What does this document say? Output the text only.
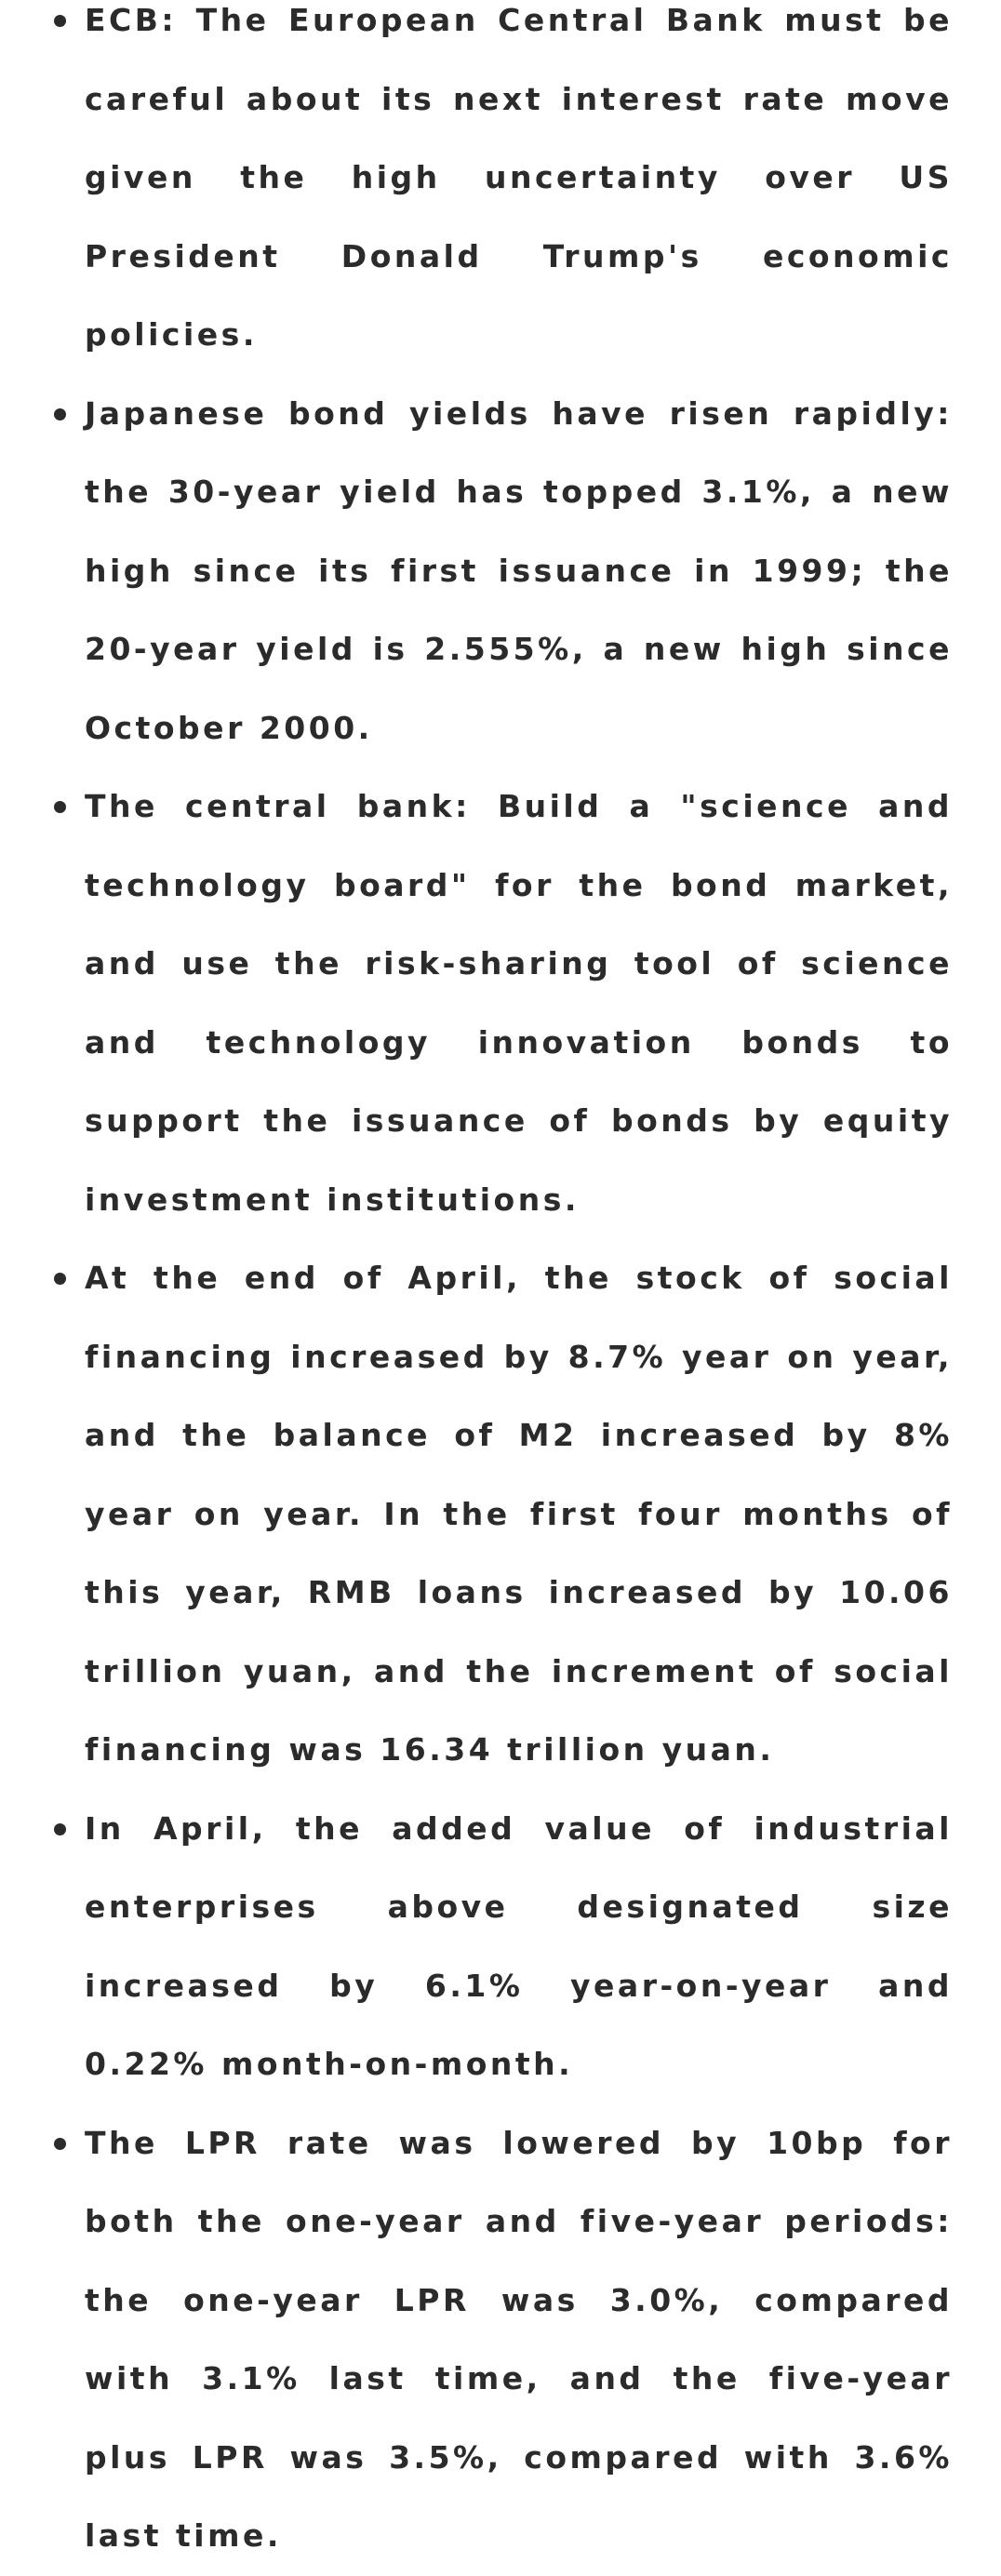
ECB: The European Central Bank must be careful about its next interest rate move given the high uncertainty over US President Donald Trump's economic policies.
Japanese bond yields have risen rapidly: the 30-year yield has topped 3.1%, a new high since its first issuance in 1999; the 20-year yield is 2.555%, a new high since October 2000.
The central bank: Build a "science and technology board" for the bond market, and use the risk-sharing tool of science and technology innovation bonds to support the issuance of bonds by equity investment institutions.
At the end of April, the stock of social financing increased by 8.7% year on year, and the balance of M2 increased by 8% year on year. In the first four months of this year, RMB loans increased by 10.06 trillion yuan, and the increment of social financing was 16.34 trillion yuan.
In April, the added value of industrial enterprises above designated size increased by 6.1% year-on-year and 0.22% month-on-month.
The LPR rate was lowered by 10bp for both the one-year and five-year periods: the one-year LPR was 3.0%, compared with 3.1% last time, and the five-year plus LPR was 3.5%, compared with 3.6% last time.
